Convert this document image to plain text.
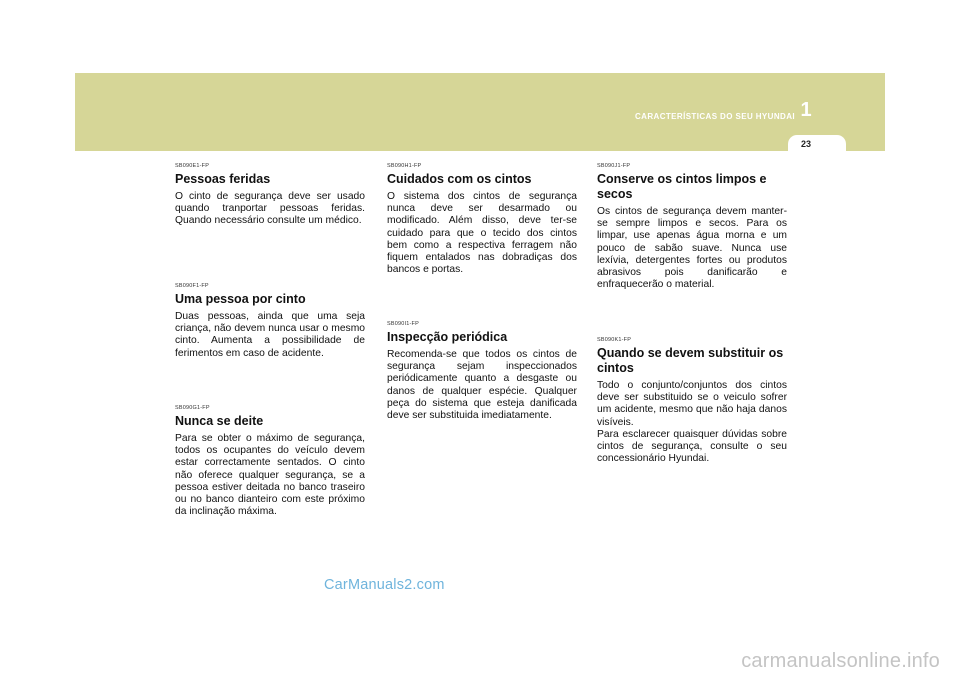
CARACTERÍSTICAS DO SEU HYUNDAI 1
23
SB090E1-FP
Pessoas feridas

O cinto de segurança deve ser usado quando tranportar pessoas feridas. Quando necessário consulte um médico.

SB090F1-FP
Uma pessoa por cinto

Duas pessoas, ainda que uma seja criança, não devem nunca usar o mesmo cinto. Aumenta a possibilidade de ferimentos em caso de acidente.

SB090G1-FP
Nunca se deite

Para se obter o máximo de segurança, todos os ocupantes do veículo devem estar correctamente sentados. O cinto não oferece qualquer segurança, se a pessoa estiver deitada no banco traseiro ou no banco dianteiro com este próximo da inclinação máxima.

SB090H1-FP
Cuidados com os cintos

O sistema dos cintos de segurança nunca deve ser desarmado ou modificado. Além disso, deve ter-se cuidado para que o tecido dos cintos bem como a respectiva ferragem não fiquem entalados nas dobradiças dos bancos e portas.

SB090I1-FP
Inspecção periódica

Recomenda-se que todos os cintos de segurança sejam inspeccionados periódicamente quanto a desgaste ou danos de qualquer espécie. Qualquer peça do sistema que esteja danificada deve ser substituida imediatamente.

SB090J1-FP
Conserve os cintos limpos e secos

Os cintos de segurança devem manter-se sempre limpos e secos. Para os limpar, use apenas água morna e um pouco de sabão suave. Nunca use lexívia, detergentes fortes ou produtos abrasivos pois danificarão e enfraquecerão o material.

SB090K1-FP
Quando se devem substituir os cintos

Todo o conjunto/conjuntos dos cintos deve ser substituido se o veiculo sofrer um acidente, mesmo que não haja danos visíveis.
Para esclarecer quaisquer dúvidas sobre cintos de segurança, consulte o seu concessionário Hyundai.

CarManuals2.com
carmanualsonline.info
